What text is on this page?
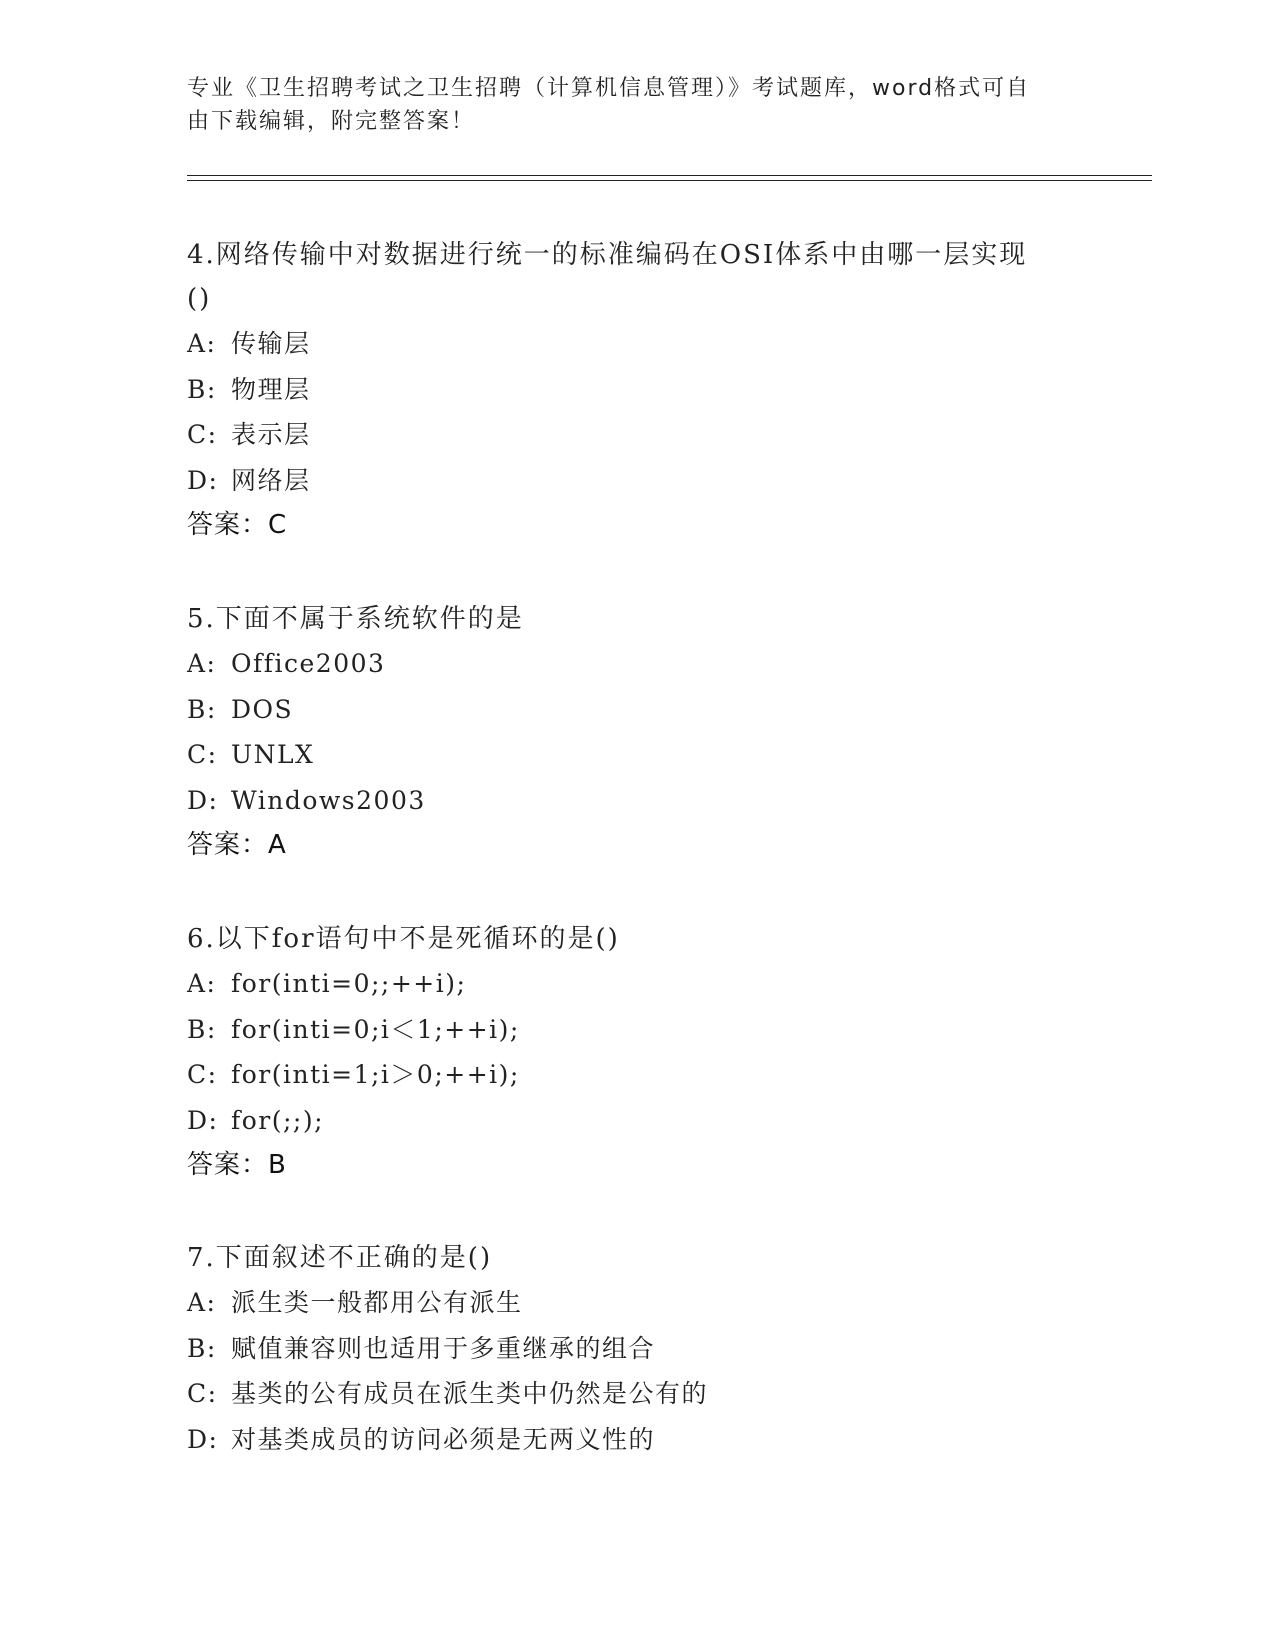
专业《卫生招聘考试之卫生招聘（计算机信息管理）》考试题库，word格式可自
由下载编辑，附完整答案！

4.网络传输中对数据进行统一的标准编码在OSI体系中由哪一层实现

()

A: 传输层

B: 物理层

C: 表示层

D: 网络层

答案：C

5.下面不属于系统软件的是

A: Office2003

B: DOS

C: UNLX

D: Windows2003

答案：A

6.以下for语句中不是死循环的是()

A: for(inti=0;;++i);

B: for(inti=0;i＜1;++i);

C: for(inti=1;i＞0;++i);

D: for(;;);

答案：B

7.下面叙述不正确的是()

A: 派生类一般都用公有派生

B: 赋值兼容则也适用于多重继承的组合

C: 基类的公有成员在派生类中仍然是公有的

D: 对基类成员的访问必须是无两义性的
